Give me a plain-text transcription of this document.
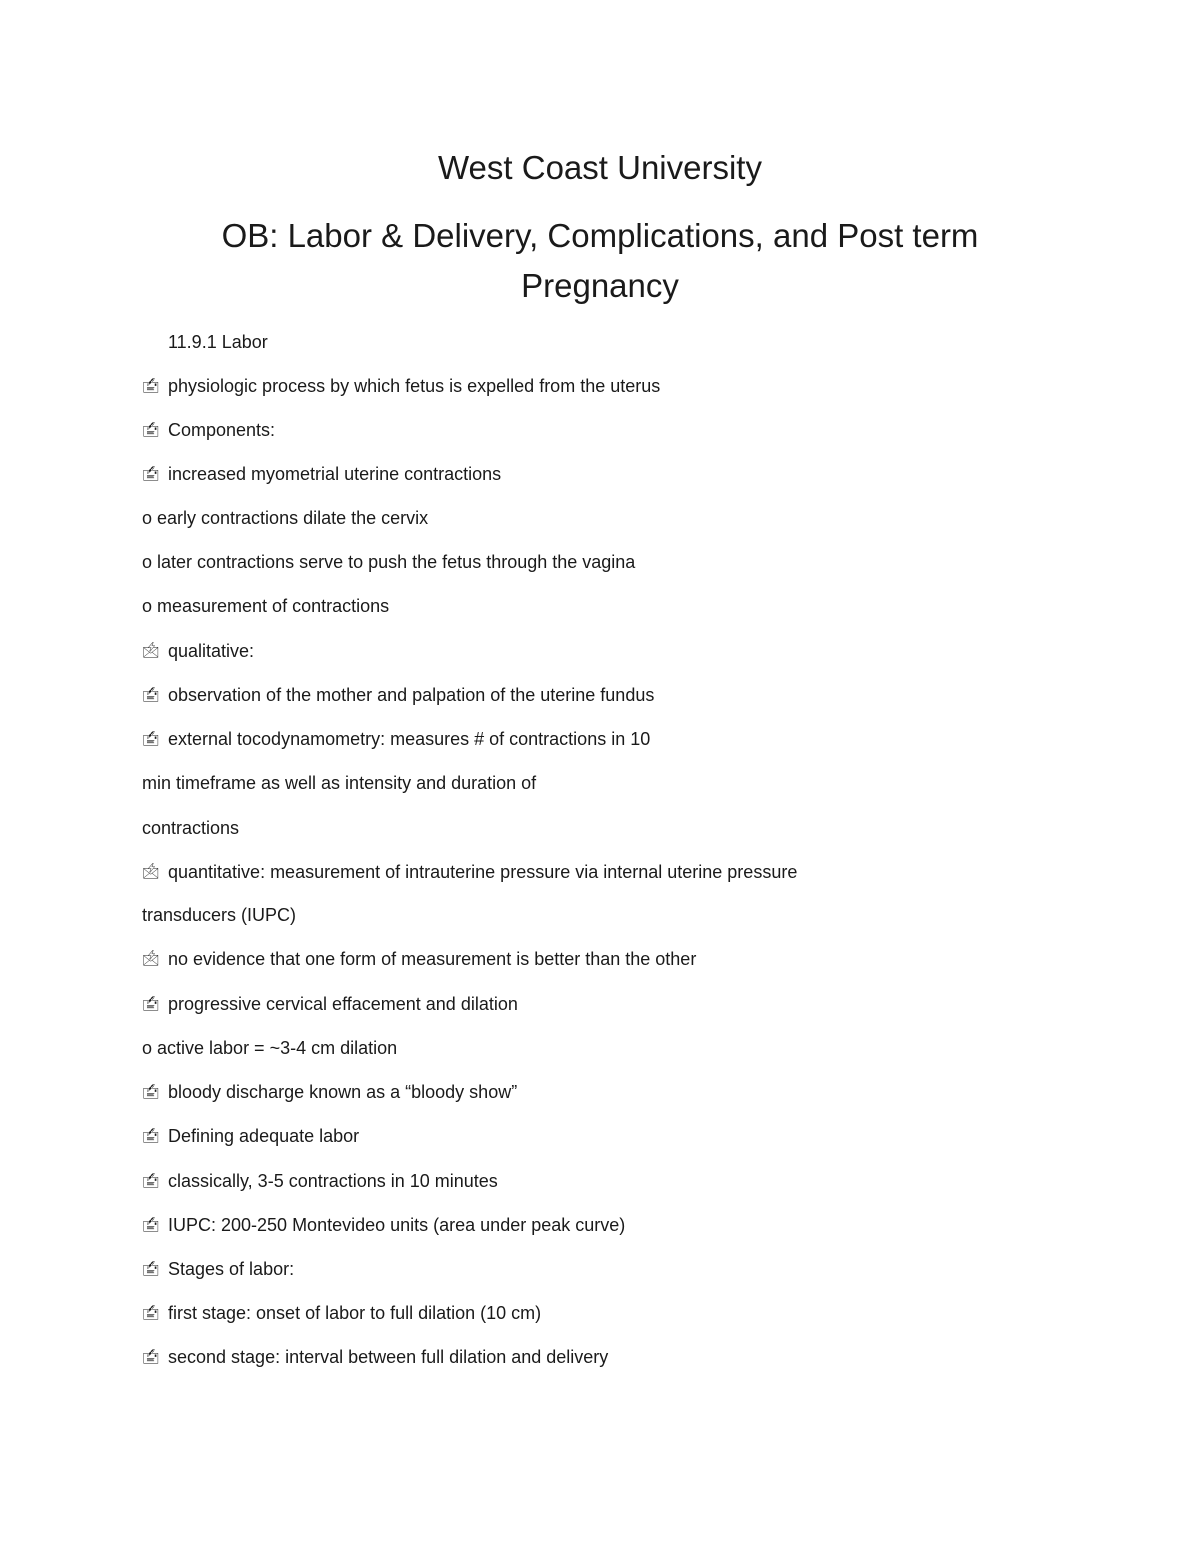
West Coast University
OB: Labor & Delivery, Complications, and Post term
Pregnancy
11.9.1 Labor
🖆 physiologic process by which fetus is expelled from the uterus
🖆 Components:
🖆 increased myometrial uterine contractions
o early contractions dilate the cervix
o later contractions serve to push the fetus through the vagina
o measurement of contractions
🖄 qualitative:
🖆 observation of the mother and palpation of the uterine fundus
🖆 external tocodynamometry: measures # of contractions in 10
min timeframe as well as intensity and duration of
contractions
🖄 quantitative: measurement of intrauterine pressure via internal uterine pressure
transducers (IUPC)
🖄 no evidence that one form of measurement is better than the other
🖆 progressive cervical effacement and dilation
o active labor = ~3-4 cm dilation
🖆 bloody discharge known as a “bloody show”
🖆 Defining adequate labor
🖆 classically, 3-5 contractions in 10 minutes
🖆 IUPC: 200-250 Montevideo units (area under peak curve)
🖆 Stages of labor:
🖆 first stage: onset of labor to full dilation (10 cm)
🖆 second stage: interval between full dilation and delivery
